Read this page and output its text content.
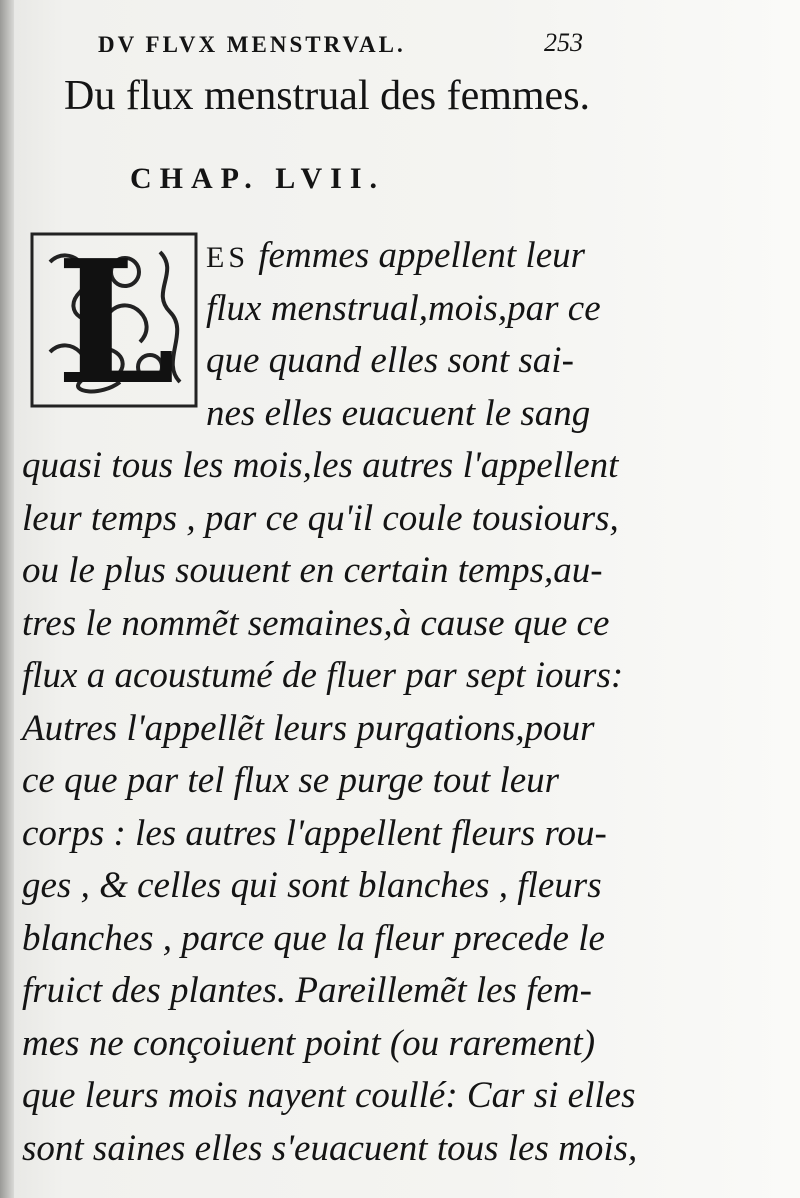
DV FLVX MENSTRVAL.	253
Du flux menstrual des femmes.
CHAP. LVII.
L	ES femmes appellent leur
flux menstrual,mois,par ce
que quand elles sont sai-
nes elles euacuent le sang
quasi tous les mois,les autres l'appellent
leur temps , par ce qu'il coule tousiours,
ou le plus souuent en certain temps,au-
tres le nommẽt semaines,à cause que ce
flux a acoustumé de fluer par sept iours:
Autres l'appellẽt leurs purgations,pour
ce que par tel flux se purge tout leur
corps : les autres l'appellent fleurs rou-
ges , & celles qui sont blanches , fleurs
blanches , parce que la fleur precede le
fruict des plantes. Pareillemẽt les fem-
mes ne conçoiuent point (ou rarement)
que leurs mois nayent coullé: Car si elles
sont saines elles s'euacuent tous les mois,
